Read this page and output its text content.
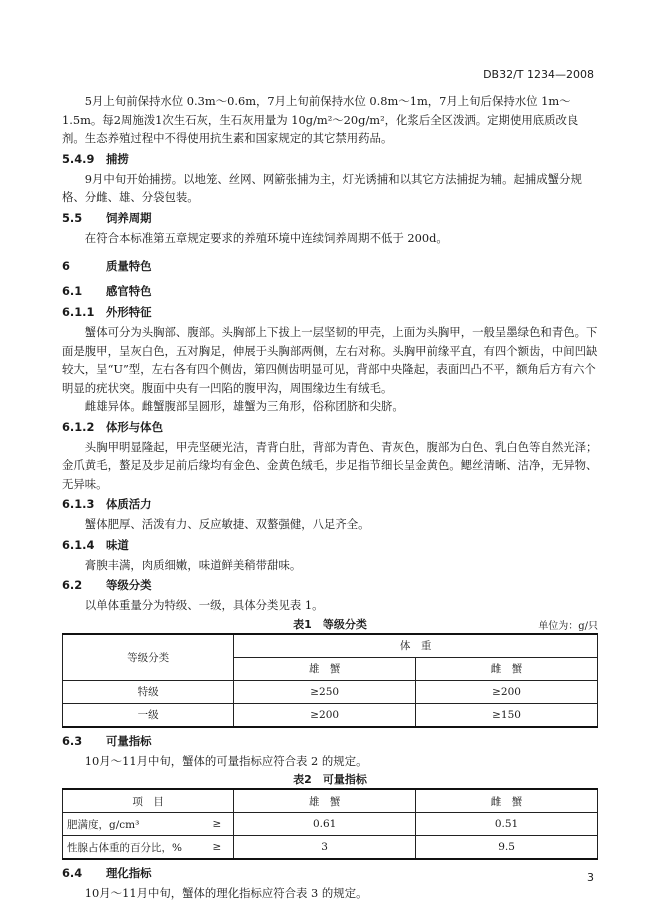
DB32/T 1234—2008

5月上旬前保持水位 0.3m～0.6m，7月上旬前保持水位 0.8m～1m，7月上旬后保持水位 1m～1.5m。每2周施泼1次生石灰，生石灰用量为 10g/m²～20g/m²，化浆后全区泼洒。定期使用底质改良剂。生态养殖过程中不得使用抗生素和国家规定的其它禁用药品。

5.4.9 捕捞

9月中旬开始捕捞。以地笼、丝网、网簖张捕为主，灯光诱捕和以其它方法捕捉为辅。起捕成蟹分规格、分雌、雄、分袋包装。

5.5 饲养周期

在符合本标准第五章规定要求的养殖环境中连续饲养周期不低于 200d。

6	质量特色
6.1 感官特色
6.1.1 外形特征

蟹体可分为头胸部、腹部。头胸部上下拔上一层坚韧的甲壳，上面为头胸甲，一般呈墨绿色和青色。下面是腹甲，呈灰白色，五对胸足，伸展于头胸部两侧，左右对称。头胸甲前缘平直，有四个额齿，中间凹缺较大，呈“U”型，左右各有四个侧齿，第四侧齿明显可见，背部中央隆起，表面凹凸不平，额角后方有六个明显的疣状突。腹面中央有一凹陷的腹甲沟，周围缘边生有绒毛。

雌雄异体。雌蟹腹部呈圆形，雄蟹为三角形，俗称团脐和尖脐。

6.1.2 体形与体色

头胸甲明显隆起，甲壳坚硬光洁，青背白肚，背部为青色、青灰色，腹部为白色、乳白色等自然光泽；金爪黄毛，螯足及步足前后缘均有金色、金黄色绒毛，步足指节细长呈金黄色。鳃丝清晰、洁净，无异物、无异味。

6.1.3 体质活力

蟹体肥厚、活泼有力、反应敏捷、双螯强健，八足齐全。

6.1.4 味道

膏腴丰满，肉质细嫩，味道鲜美稍带甜味。

6.2 等级分类

以单体重量分为特级、一级，具体分类见表 1。

表1　等级分类	单位为：g/只
等级分类	体　重	
	雄　蟹	雌　蟹
特级	≥250	≥200
一级	≥200	≥150
6.3 可量指标

10月～11月中旬，蟹体的可量指标应符合表 2 的规定。

表2　可量指标
项　目		雄　蟹	雌　蟹
肥满度，g/cm³	≥	0.61	0.51
性腺占体重的百分比，%	≥	3	9.5
6.4 理化指标

10月～11月中旬，蟹体的理化指标应符合表 3 的规定。

3
